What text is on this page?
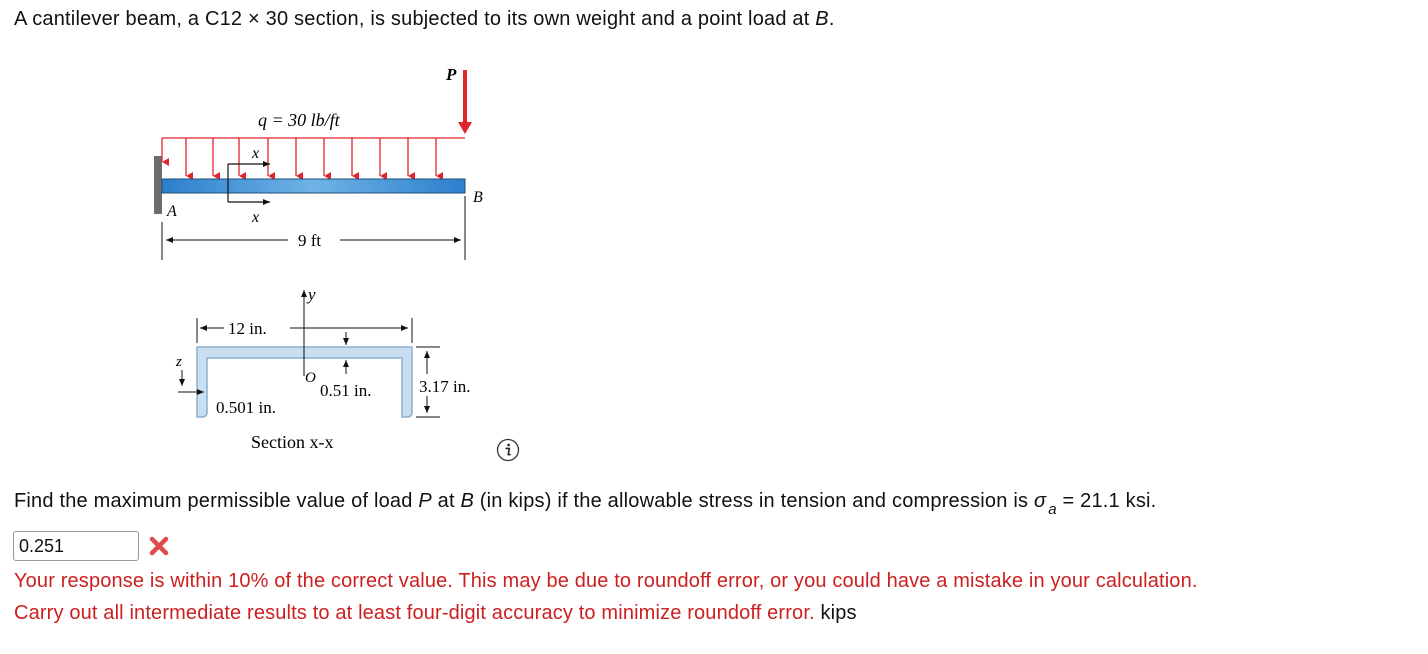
A cantilever beam, a C12 × 30 section, is subjected to its own weight and a point load at B.
q = 30 lb/ft
P
x
x
A
B
9 ft
y
z
O
12 in.
0.51 in.
0.501 in.
3.17 in.
Section x-x
Find the maximum permissible value of load P at B (in kips) if the allowable stress in tension and compression is σ $_a$ = 21.1 ksi.
0.251
Your response is within 10% of the correct value. This may be due to roundoff error, or you could have a mistake in your calculation.
Carry out all intermediate results to at least four-digit accuracy to minimize roundoff error. kips
